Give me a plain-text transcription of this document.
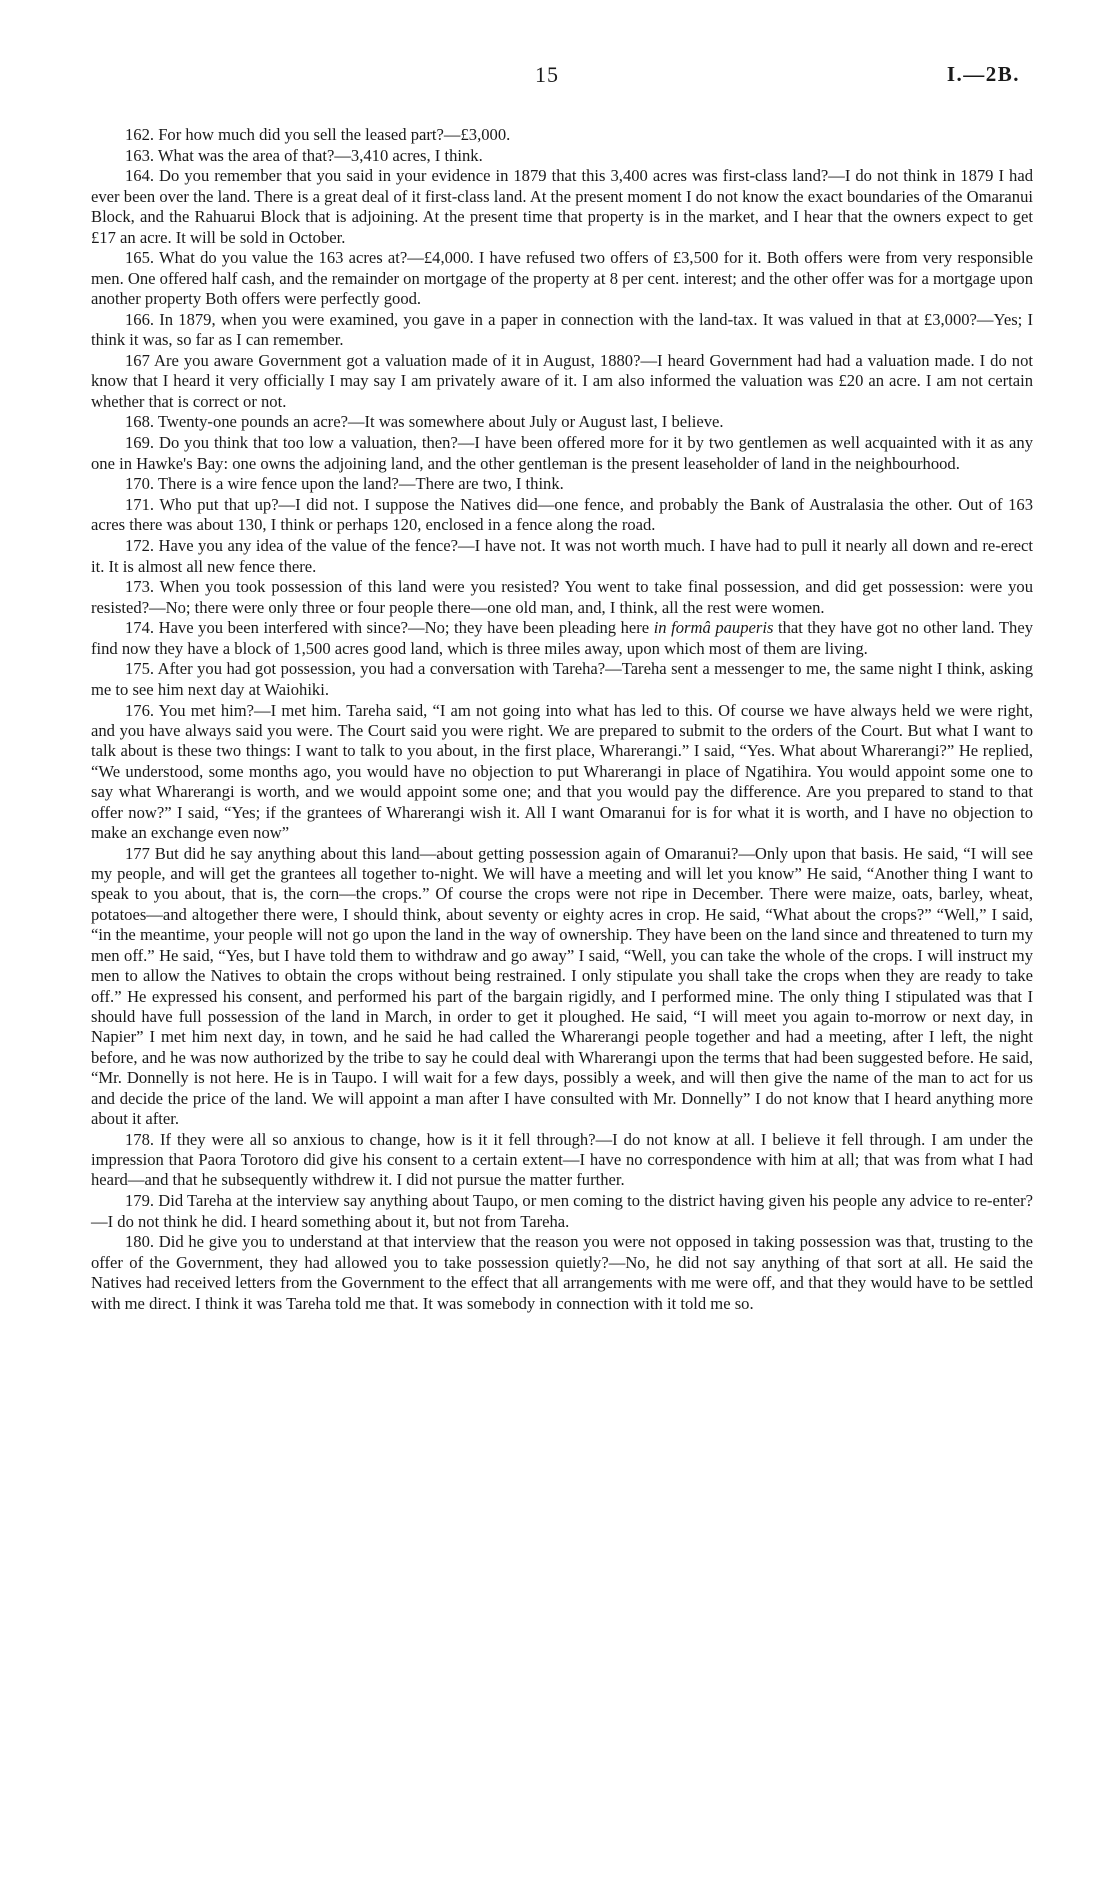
15	I.—2B.

162. For how much did you sell the leased part?—£3,000.

163. What was the area of that?—3,410 acres, I think.

164. Do you remember that you said in your evidence in 1879 that this 3,400 acres was first-class land?—I do not think in 1879 I had ever been over the land. There is a great deal of it first-class land. At the present moment I do not know the exact boundaries of the Omaranui Block, and the Rahuarui Block that is adjoining. At the present time that property is in the market, and I hear that the owners expect to get £17 an acre. It will be sold in October.

165. What do you value the 163 acres at?—£4,000. I have refused two offers of £3,500 for it. Both offers were from very responsible men. One offered half cash, and the remainder on mortgage of the property at 8 per cent. interest; and the other offer was for a mortgage upon another property Both offers were perfectly good.

166. In 1879, when you were examined, you gave in a paper in connection with the land-tax. It was valued in that at £3,000?—Yes; I think it was, so far as I can remember.

167 Are you aware Government got a valuation made of it in August, 1880?—I heard Government had had a valuation made. I do not know that I heard it very officially I may say I am privately aware of it. I am also informed the valuation was £20 an acre. I am not certain whether that is correct or not.

168. Twenty-one pounds an acre?—It was somewhere about July or August last, I believe.

169. Do you think that too low a valuation, then?—I have been offered more for it by two gentlemen as well acquainted with it as any one in Hawke's Bay: one owns the adjoining land, and the other gentleman is the present leaseholder of land in the neighbourhood.

170. There is a wire fence upon the land?—There are two, I think.

171. Who put that up?—I did not. I suppose the Natives did—one fence, and probably the Bank of Australasia the other. Out of 163 acres there was about 130, I think or perhaps 120, enclosed in a fence along the road.

172. Have you any idea of the value of the fence?—I have not. It was not worth much. I have had to pull it nearly all down and re-erect it. It is almost all new fence there.

173. When you took possession of this land were you resisted? You went to take final possession, and did get possession: were you resisted?—No; there were only three or four people there—one old man, and, I think, all the rest were women.

174. Have you been interfered with since?—No; they have been pleading here in formâ pauperis that they have got no other land. They find now they have a block of 1,500 acres good land, which is three miles away, upon which most of them are living.

175. After you had got possession, you had a conversation with Tareha?—Tareha sent a messenger to me, the same night I think, asking me to see him next day at Waiohiki.

176. You met him?—I met him. Tareha said, “I am not going into what has led to this. Of course we have always held we were right, and you have always said you were. The Court said you were right. We are prepared to submit to the orders of the Court. But what I want to talk about is these two things: I want to talk to you about, in the first place, Wharerangi.” I said, “Yes. What about Wharerangi?” He replied, “We understood, some months ago, you would have no objection to put Wharerangi in place of Ngatihira. You would appoint some one to say what Wharerangi is worth, and we would appoint some one; and that you would pay the difference. Are you prepared to stand to that offer now?” I said, “Yes; if the grantees of Wharerangi wish it. All I want Omaranui for is for what it is worth, and I have no objection to make an exchange even now”

177 But did he say anything about this land—about getting possession again of Omaranui?—Only upon that basis. He said, “I will see my people, and will get the grantees all together to-night. We will have a meeting and will let you know” He said, “Another thing I want to speak to you about, that is, the corn—the crops.” Of course the crops were not ripe in December. There were maize, oats, barley, wheat, potatoes—and altogether there were, I should think, about seventy or eighty acres in crop. He said, “What about the crops?” “Well,” I said, “in the meantime, your people will not go upon the land in the way of ownership. They have been on the land since and threatened to turn my men off.” He said, “Yes, but I have told them to withdraw and go away” I said, “Well, you can take the whole of the crops. I will instruct my men to allow the Natives to obtain the crops without being restrained. I only stipulate you shall take the crops when they are ready to take off.” He expressed his consent, and performed his part of the bargain rigidly, and I performed mine. The only thing I stipulated was that I should have full possession of the land in March, in order to get it ploughed. He said, “I will meet you again to-morrow or next day, in Napier” I met him next day, in town, and he said he had called the Wharerangi people together and had a meeting, after I left, the night before, and he was now authorized by the tribe to say he could deal with Wharerangi upon the terms that had been suggested before. He said, “Mr. Donnelly is not here. He is in Taupo. I will wait for a few days, possibly a week, and will then give the name of the man to act for us and decide the price of the land. We will appoint a man after I have consulted with Mr. Donnelly” I do not know that I heard anything more about it after.

178. If they were all so anxious to change, how is it it fell through?—I do not know at all. I believe it fell through. I am under the impression that Paora Torotoro did give his consent to a certain extent—I have no correspondence with him at all; that was from what I had heard—and that he subsequently withdrew it. I did not pursue the matter further.

179. Did Tareha at the interview say anything about Taupo, or men coming to the district having given his people any advice to re-enter?—I do not think he did. I heard something about it, but not from Tareha.

180. Did he give you to understand at that interview that the reason you were not opposed in taking possession was that, trusting to the offer of the Government, they had allowed you to take possession quietly?—No, he did not say anything of that sort at all. He said the Natives had received letters from the Government to the effect that all arrangements with me were off, and that they would have to be settled with me direct. I think it was Tareha told me that. It was somebody in connection with it told me so.
